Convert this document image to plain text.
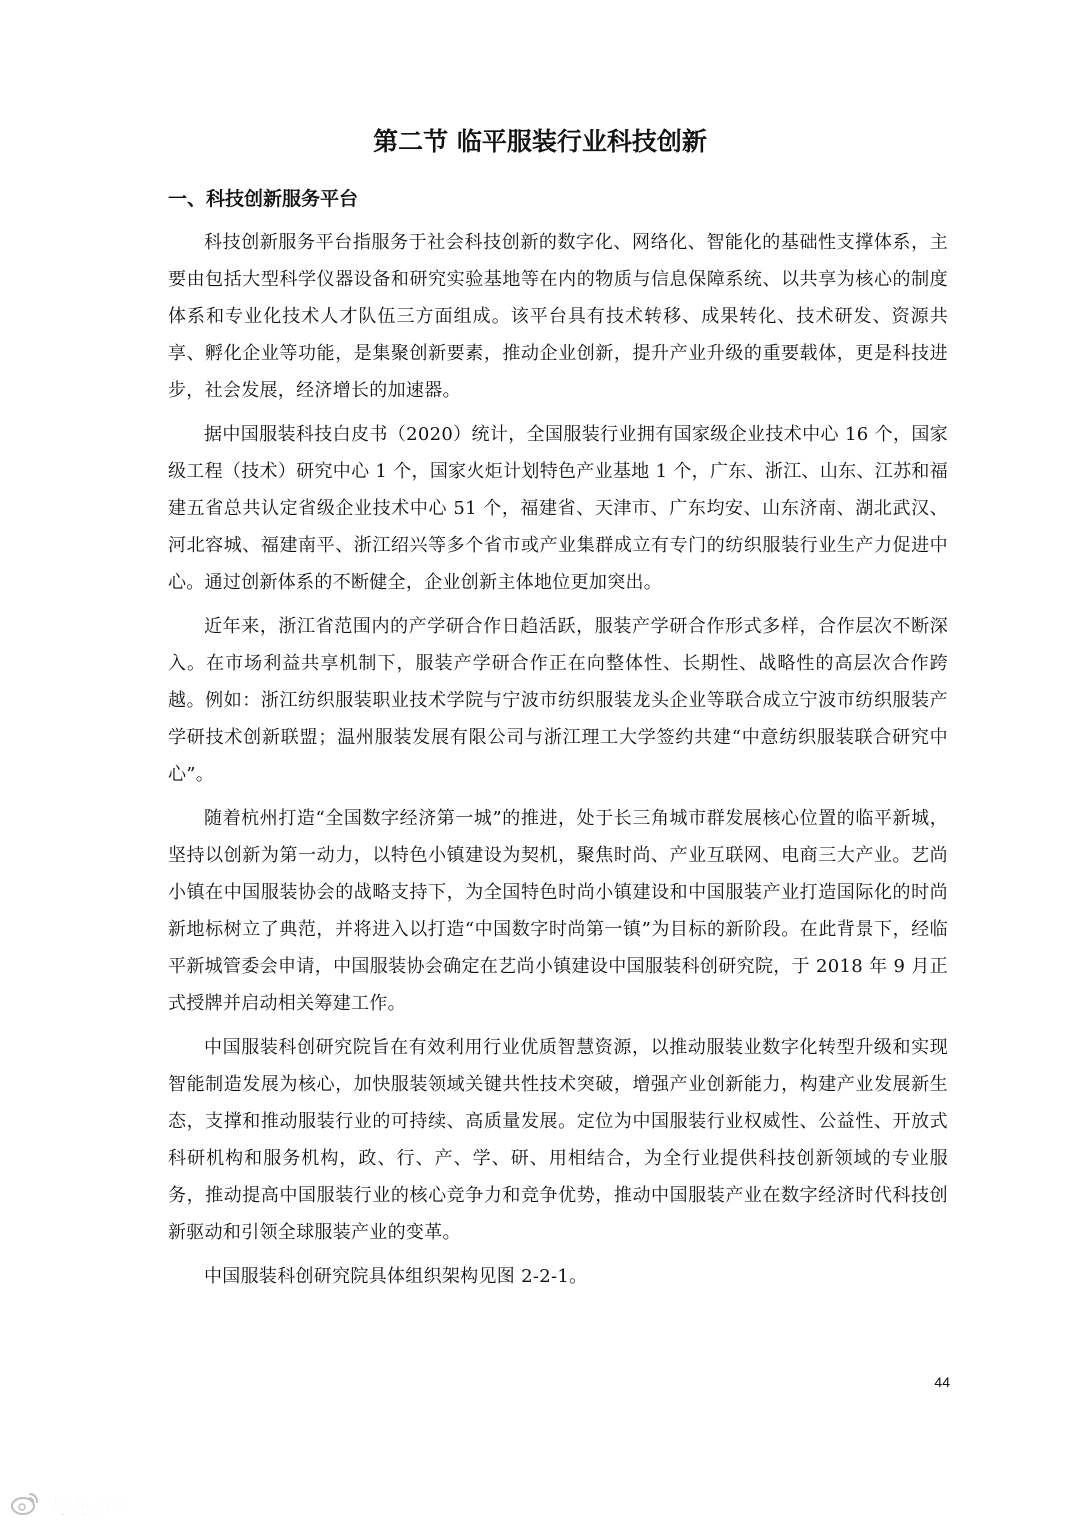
第二节 临平服装行业科技创新
一、科技创新服务平台

科技创新服务平台指服务于社会科技创新的数字化、网络化、智能化的基础性支撑体系，主要由包括大型科学仪器设备和研究实验基地等在内的物质与信息保障系统、以共享为核心的制度体系和专业化技术人才队伍三方面组成。该平台具有技术转移、成果转化、技术研发、资源共享、孵化企业等功能，是集聚创新要素，推动企业创新，提升产业升级的重要载体，更是科技进步，社会发展，经济增长的加速器。

据中国服装科技白皮书（2020）统计，全国服装行业拥有国家级企业技术中心 16 个，国家级工程（技术）研究中心 1 个，国家火炬计划特色产业基地 1 个，广东、浙江、山东、江苏和福建五省总共认定省级企业技术中心 51 个，福建省、天津市、广东均安、山东济南、湖北武汉、河北容城、福建南平、浙江绍兴等多个省市或产业集群成立有专门的纺织服装行业生产力促进中心。通过创新体系的不断健全，企业创新主体地位更加突出。

近年来，浙江省范围内的产学研合作日趋活跃，服装产学研合作形式多样，合作层次不断深入。在市场利益共享机制下，服装产学研合作正在向整体性、长期性、战略性的高层次合作跨越。例如：浙江纺织服装职业技术学院与宁波市纺织服装龙头企业等联合成立宁波市纺织服装产学研技术创新联盟；温州服装发展有限公司与浙江理工大学签约共建“中意纺织服装联合研究中心”。

随着杭州打造“全国数字经济第一城”的推进，处于长三角城市群发展核心位置的临平新城，坚持以创新为第一动力，以特色小镇建设为契机，聚焦时尚、产业互联网、电商三大产业。艺尚小镇在中国服装协会的战略支持下，为全国特色时尚小镇建设和中国服装产业打造国际化的时尚新地标树立了典范，并将进入以打造“中国数字时尚第一镇”为目标的新阶段。在此背景下，经临平新城管委会申请，中国服装协会确定在艺尚小镇建设中国服装科创研究院，于 2018 年 9 月正式授牌并启动相关筹建工作。

中国服装科创研究院旨在有效利用行业优质智慧资源，以推动服装业数字化转型升级和实现智能制造发展为核心，加快服装领域关键共性技术突破，增强产业创新能力，构建产业发展新生态，支撑和推动服装行业的可持续、高质量发展。定位为中国服装行业权威性、公益性、开放式科研机构和服务机构，政、行、产、学、研、用相结合，为全行业提供科技创新领域的专业服务，推动提高中国服装行业的核心竞争力和竞争优势，推动中国服装产业在数字经济时代科技创新驱动和引领全球服装产业的变革。

中国服装科创研究院具体组织架构见图 2-2-1。

44
大数跨境
